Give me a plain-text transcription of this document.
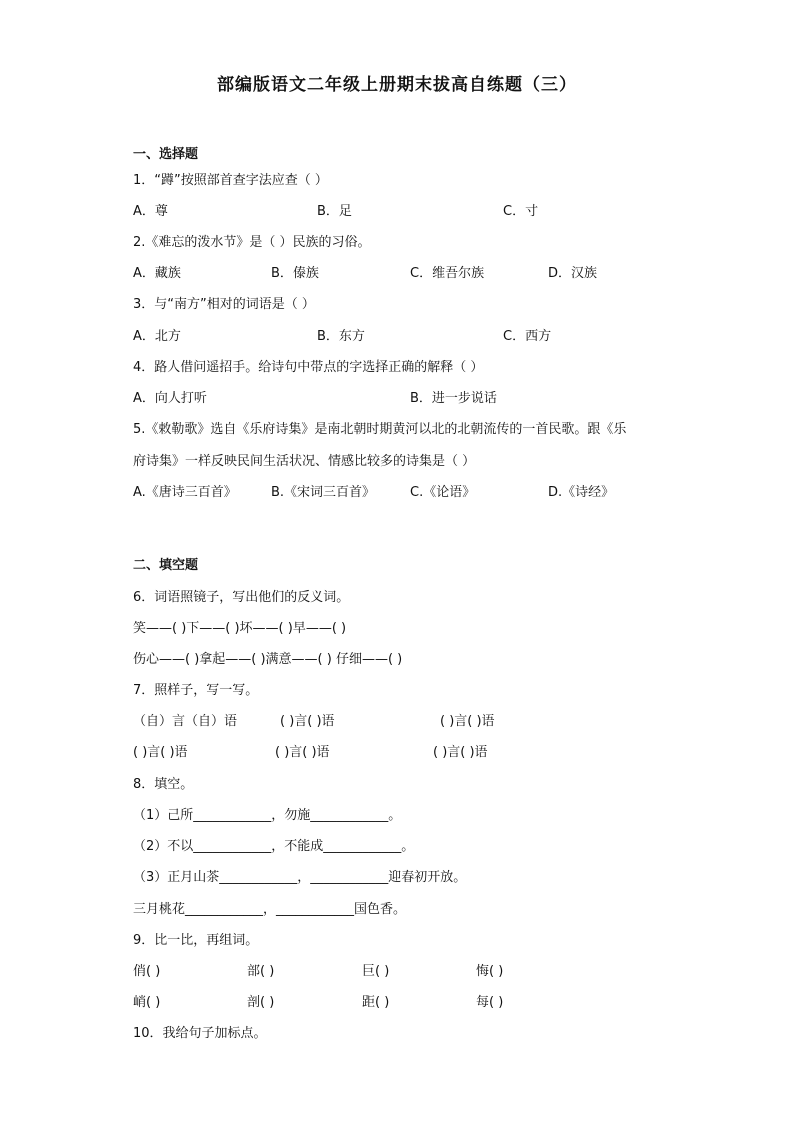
部编版语文二年级上册期末拔高自练题（三）
一、选择题
1．“蹲”按照部首查字法应查（ ）
A．尊	B．足	C．寸
2.《难忘的泼水节》是（ ）民族的习俗。
A．藏族	B．傣族	C．维吾尔族	D．汉族
3．与“南方”相对的词语是（ ）
A．北方	B．东方	C．西方
4．路人借问遥招手。给诗句中带点的字选择正确的解释（ ）
A．向人打听	B．进一步说话
5.《敕勒歌》选自《乐府诗集》是南北朝时期黄河以北的北朝流传的一首民歌。跟《乐
府诗集》一样反映民间生活状况、情感比较多的诗集是（ ）
A.《唐诗三百首》	B.《宋词三百首》	C.《论语》	D.《诗经》
二、填空题
6．词语照镜子，写出他们的反义词。
笑——( )下——( )坏——( )早——( )
伤心——( )拿起——( )满意——( ) 仔细——( )
7．照样子，写一写。
（自）言（自）语	( )言( )语	( )言( )语
( )言( )语	( )言( )语	( )言( )语
8．填空。
（1）己所____________，勿施____________。
（2）不以____________，不能成____________。
（3）正月山茶____________，____________迎春初开放。
三月桃花____________，____________国色香。
9．比一比，再组词。
俏( )	部( )	巨( )	悔( )
峭( )	剖( )	距( )	每( )
10．我给句子加标点。
